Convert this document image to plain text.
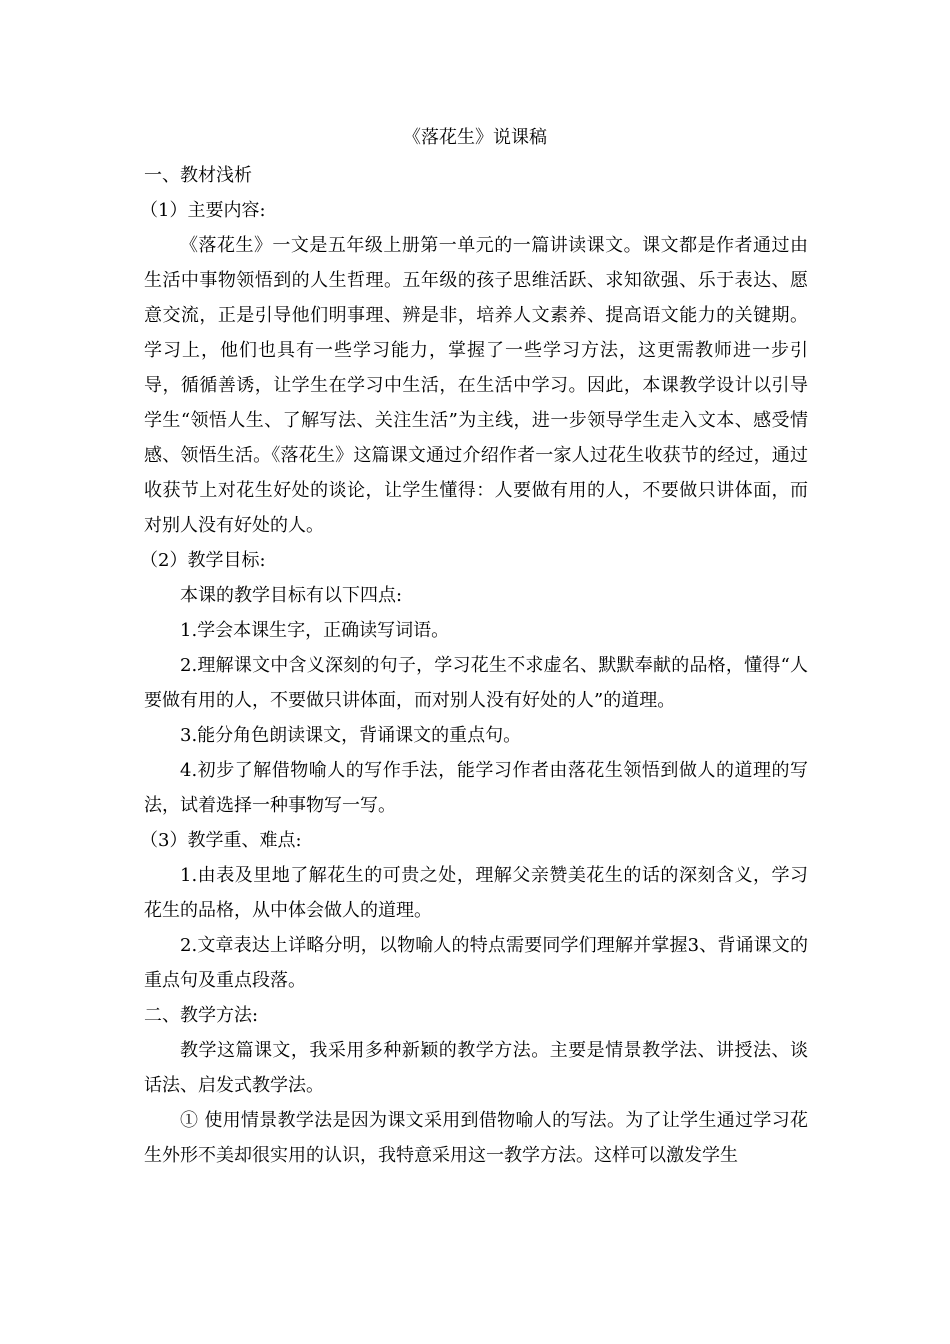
《落花生》说课稿

一、教材浅析

（1）主要内容:

《落花生》一文是五年级上册第一单元的一篇讲读课文。课文都是作者通过由生活中事物领悟到的人生哲理。五年级的孩子思维活跃、求知欲强、乐于表达、愿意交流，正是引导他们明事理、辨是非，培养人文素养、提高语文能力的关键期。学习上，他们也具有一些学习能力，掌握了一些学习方法，这更需教师进一步引导，循循善诱，让学生在学习中生活，在生活中学习。因此，本课教学设计以引导学生“领悟人生、了解写法、关注生活”为主线，进一步领导学生走入文本、感受情感、领悟生活。《落花生》这篇课文通过介绍作者一家人过花生收获节的经过，通过收获节上对花生好处的谈论，让学生懂得：人要做有用的人，不要做只讲体面，而对别人没有好处的人。

（2）教学目标:

本课的教学目标有以下四点:

1.学会本课生字，正确读写词语。

2.理解课文中含义深刻的句子，学习花生不求虚名、默默奉献的品格，懂得“人要做有用的人，不要做只讲体面，而对别人没有好处的人”的道理。

3.能分角色朗读课文，背诵课文的重点句。

4.初步了解借物喻人的写作手法，能学习作者由落花生领悟到做人的道理的写法，试着选择一种事物写一写。

（3）教学重、难点:

1.由表及里地了解花生的可贵之处，理解父亲赞美花生的话的深刻含义，学习花生的品格，从中体会做人的道理。

2.文章表达上详略分明，以物喻人的特点需要同学们理解并掌握3、背诵课文的重点句及重点段落。

二、教学方法:

教学这篇课文，我采用多种新颖的教学方法。主要是情景教学法、讲授法、谈话法、启发式教学法。

① 使用情景教学法是因为课文采用到借物喻人的写法。为了让学生通过学习花生外形不美却很实用的认识，我特意采用这一教学方法。这样可以激发学生
